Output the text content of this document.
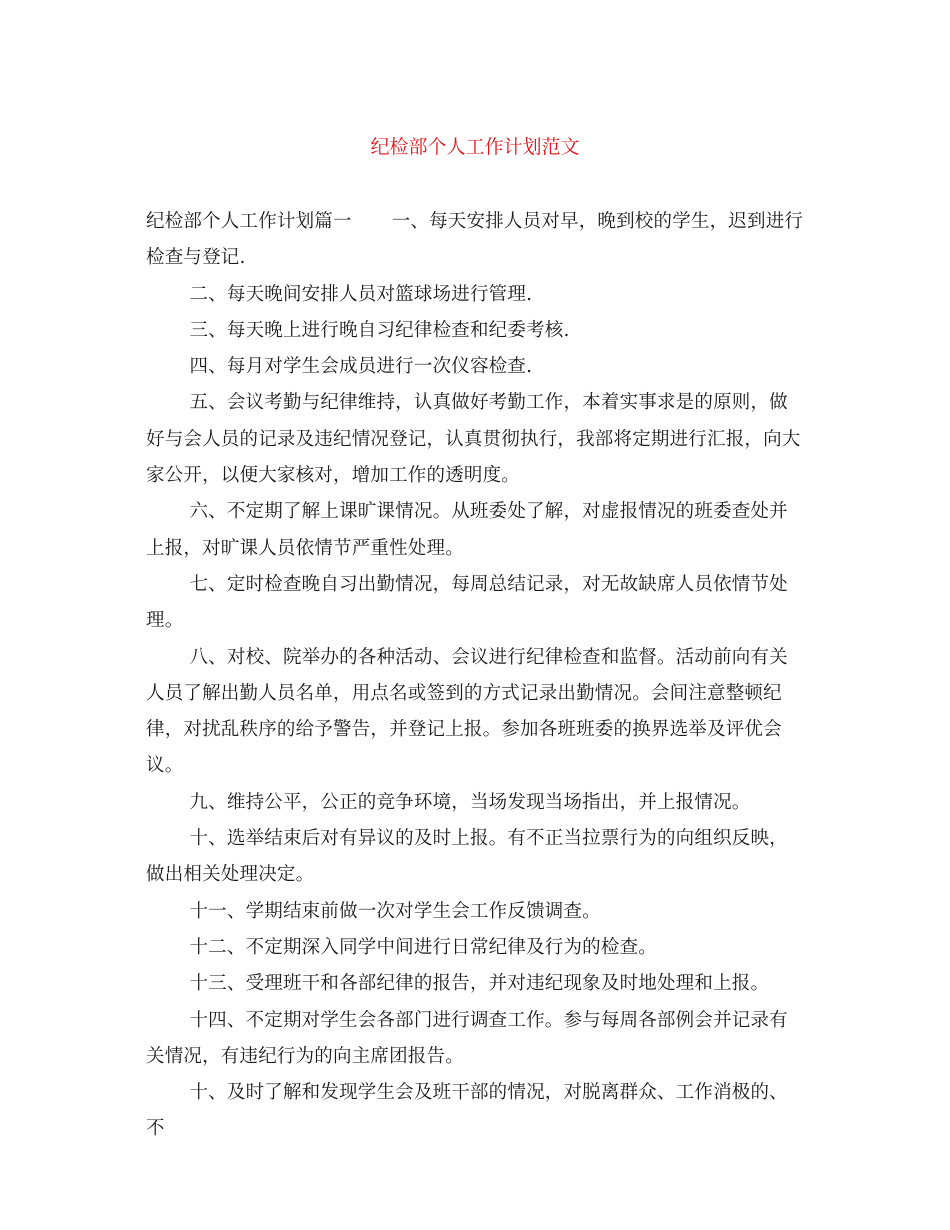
纪检部个人工作计划范文

纪检部个人工作计划篇一 一、每天安排人员对早，晚到校的学生，迟到进行检查与登记.

二、每天晚间安排人员对篮球场进行管理.

三、每天晚上进行晚自习纪律检查和纪委考核.

四、每月对学生会成员进行一次仪容检查.

五、会议考勤与纪律维持，认真做好考勤工作，本着实事求是的原则，做好与会人员的记录及违纪情况登记，认真贯彻执行，我部将定期进行汇报，向大家公开，以便大家核对，增加工作的透明度。

六、不定期了解上课旷课情况。从班委处了解，对虚报情况的班委查处并上报，对旷课人员依情节严重性处理。

七、定时检查晚自习出勤情况，每周总结记录，对无故缺席人员依情节处理。

八、对校、院举办的各种活动、会议进行纪律检查和监督。活动前向有关人员了解出勤人员名单，用点名或签到的方式记录出勤情况。会间注意整顿纪律，对扰乱秩序的给予警告，并登记上报。参加各班班委的换界选举及评优会议。

九、维持公平，公正的竞争环境，当场发现当场指出，并上报情况。

十、选举结束后对有异议的及时上报。有不正当拉票行为的向组织反映，做出相关处理决定。

十一、学期结束前做一次对学生会工作反馈调查。

十二、不定期深入同学中间进行日常纪律及行为的检查。

十三、受理班干和各部纪律的报告，并对违纪现象及时地处理和上报。

十四、不定期对学生会各部门进行调查工作。参与每周各部例会并记录有关情况，有违纪行为的向主席团报告。

十、及时了解和发现学生会及班干部的情况，对脱离群众、工作消极的、不
